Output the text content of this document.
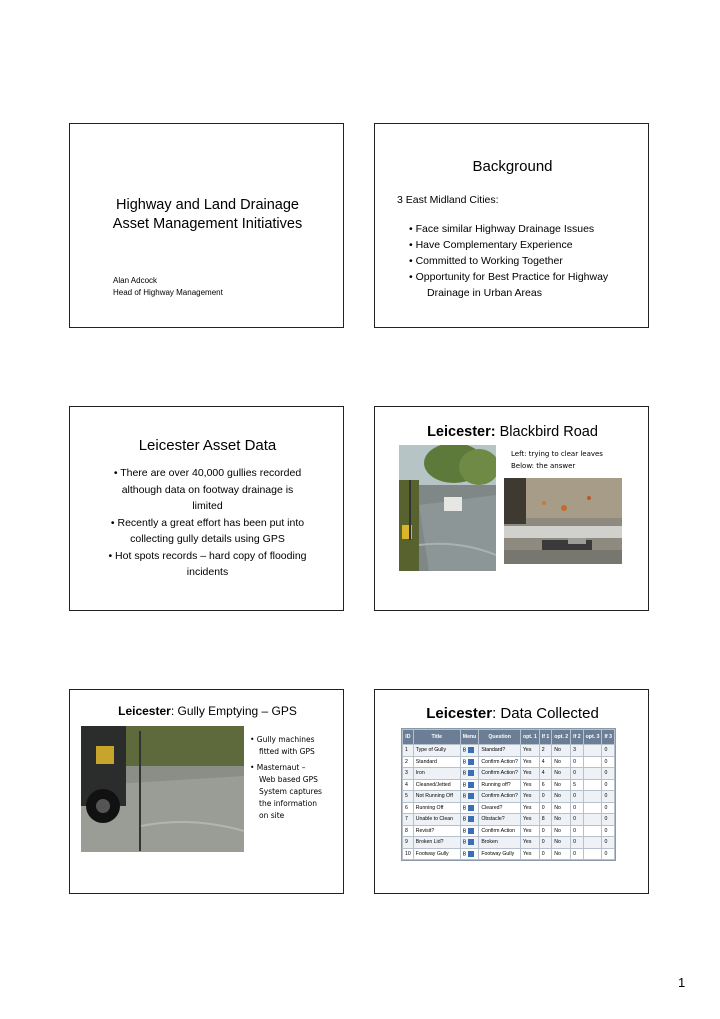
Highway and Land Drainage
Asset Management Initiatives
Alan Adcock
Head of Highway Management
Background
3 East Midland Cities:
• Face similar Highway Drainage Issues
• Have Complementary Experience
• Committed to Working Together
• Opportunity for Best Practice for Highway
Drainage in Urban Areas
Leicester Asset Data
• There are over 40,000 gullies recorded
although data on footway drainage is
limited
• Recently a great effort has been put into
collecting gully details using GPS
• Hot spots records – hard copy of flooding
incidents
Leicester: Blackbird Road
Left: trying to clear leaves
Below: the answer
Leicester: Gully Emptying – GPS
• Gully machines
fitted with GPS
• Masternaut –
Web based GPS
System captures
the information
on site
Leicester: Data Collected
ID	Title	Menu	Question	opt. 1	If 1	opt. 2	If 2	opt. 3	If 3
1	Type of Gully	B	Standard?	Yes	2	No	3		0
2	Standard	B	Confirm Action?	Yes	4	No	0		0
3	Iron	B	Confirm Action?	Yes	4	No	0		0
4	Cleaned/Jetted	B	Running off?	Yes	6	No	5		0
5	Not Running Off	B	Confirm Action?	Yes	0	No	0		0
6	Running Off	B	Cleared?	Yes	0	No	0		0
7	Unable to Clean	B	Obstacle?	Yes	8	No	0		0
8	Revisit?	B	Confirm Action	Yes	0	No	0		0
9	Broken Lid?	B	Broken	Yes	0	No	0		0
10	Footway Gully	B	Footway Gully	Yes	0	No	0		0
1
